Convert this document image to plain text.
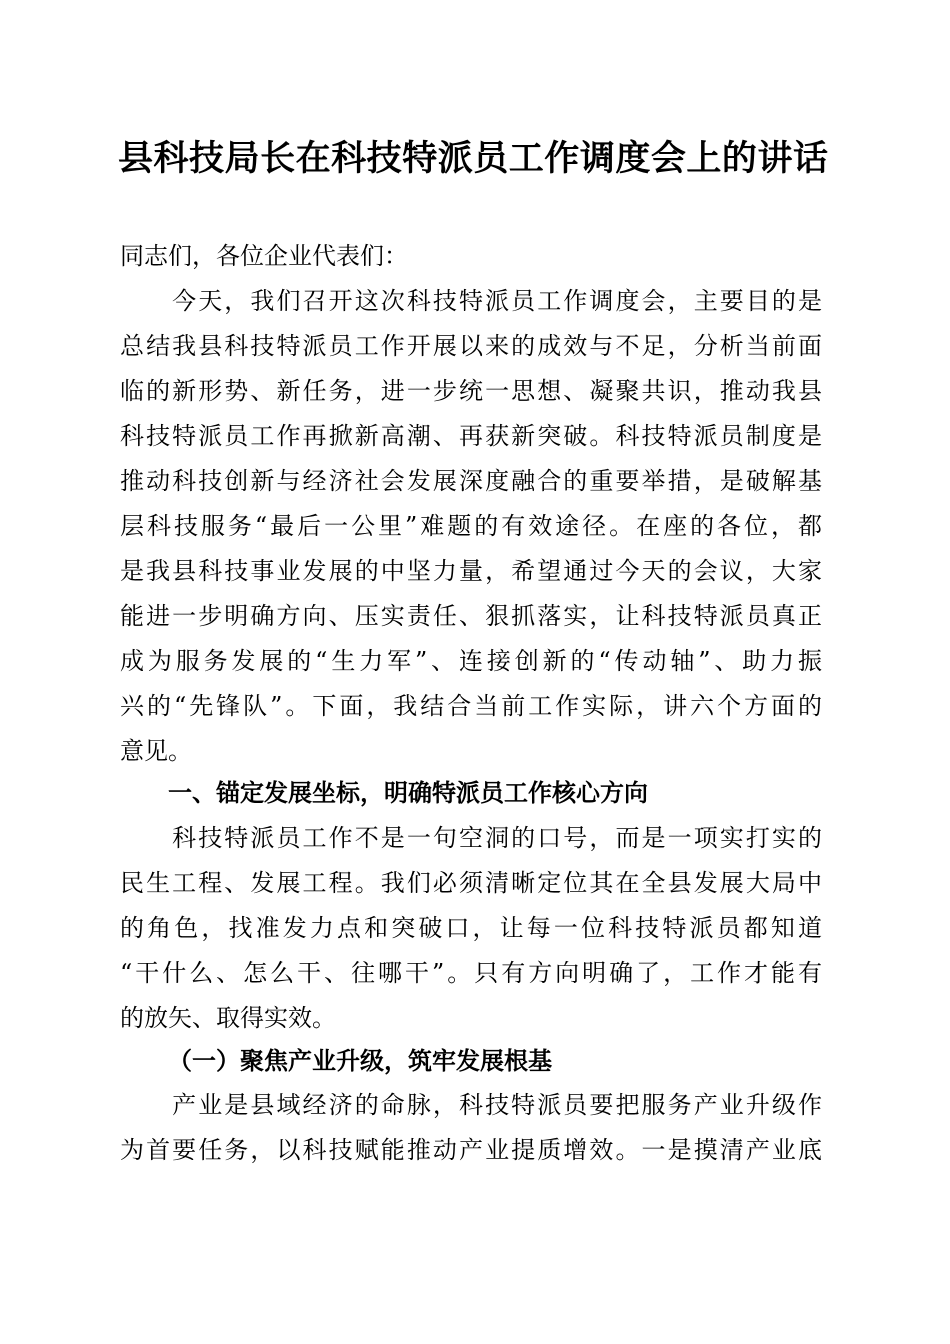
县科技局长在科技特派员工作调度会上的讲话

同志们，各位企业代表们：

　　今天，我们召开这次科技特派员工作调度会，主要目的是

总结我县科技特派员工作开展以来的成效与不足，分析当前面

临的新形势、新任务，进一步统一思想、凝聚共识，推动我县

科技特派员工作再掀新高潮、再获新突破。科技特派员制度是

推动科技创新与经济社会发展深度融合的重要举措，是破解基

层科技服务“最后一公里”难题的有效途径。在座的各位，都

是我县科技事业发展的中坚力量，希望通过今天的会议，大家

能进一步明确方向、压实责任、狠抓落实，让科技特派员真正

成为服务发展的“生力军”、连接创新的“传动轴”、助力振

兴的“先锋队”。下面，我结合当前工作实际，讲六个方面的

意见。

一、锚定发展坐标，明确特派员工作核心方向

　　科技特派员工作不是一句空洞的口号，而是一项实打实的

民生工程、发展工程。我们必须清晰定位其在全县发展大局中

的角色，找准发力点和突破口，让每一位科技特派员都知道

“干什么、怎么干、往哪干”。只有方向明确了，工作才能有

的放矢、取得实效。

（一）聚焦产业升级，筑牢发展根基

　　产业是县域经济的命脉，科技特派员要把服务产业升级作

为首要任务，以科技赋能推动产业提质增效。一是摸清产业底
